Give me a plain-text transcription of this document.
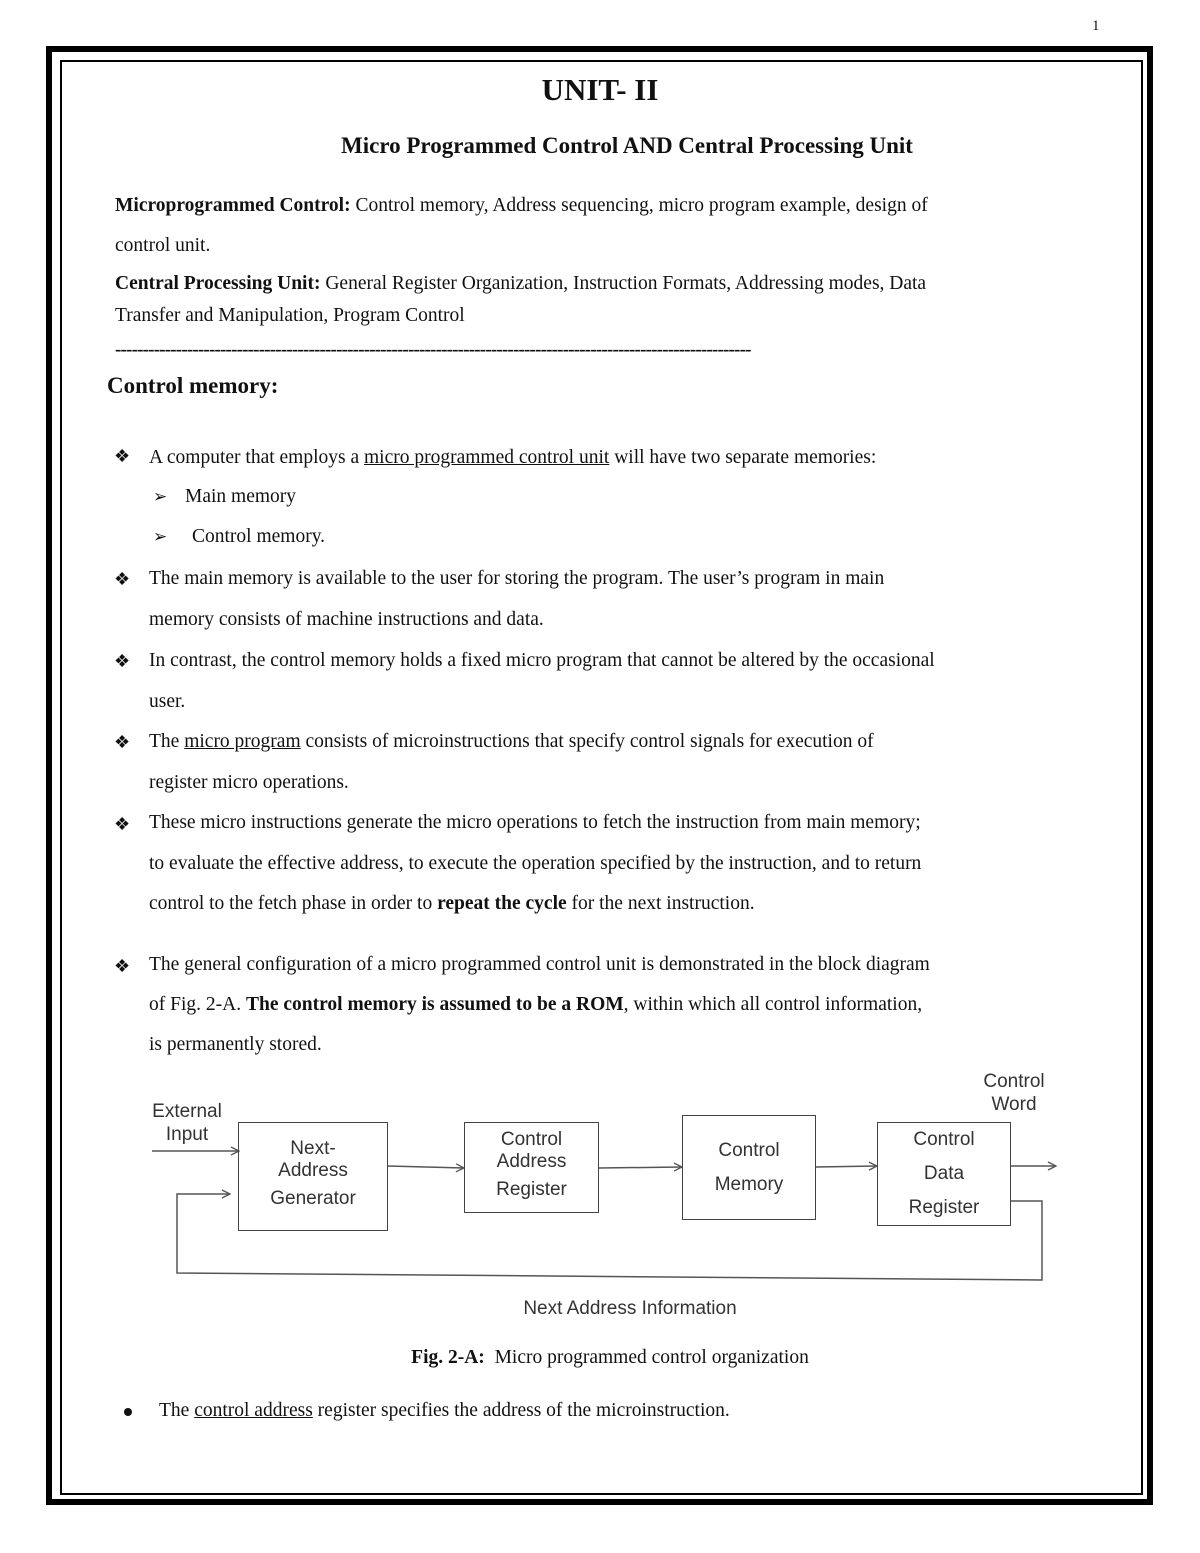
1
UNIT- II
Micro Programmed Control AND Central Processing Unit
Microprogrammed Control: Control memory, Address sequencing, micro program example, design of
control unit.
Central Processing Unit: General Register Organization, Instruction Formats, Addressing modes, Data
Transfer and Manipulation, Program Control
-------------------------------------------------------------------------------------------------------------------
Control memory:
❖ A computer that employs a micro programmed control unit will have two separate memories:
➢ Main memory
➢ Control memory.
❖ The main memory is available to the user for storing the program. The user’s program in main
memory consists of machine instructions and data.
❖ In contrast, the control memory holds a fixed micro program that cannot be altered by the occasional
user.
❖ The micro program consists of microinstructions that specify control signals for execution of
register micro operations.
❖ These micro instructions generate the micro operations to fetch the instruction from main memory;
to evaluate the effective address, to execute the operation specified by the instruction, and to return
control to the fetch phase in order to repeat the cycle for the next instruction.
❖ The general configuration of a micro programmed control unit is demonstrated in the block diagram
of Fig. 2-A. The control memory is assumed to be a ROM, within which all control information,
is permanently stored.
External
Input
Control
Word
Next-
Address
Generator
Control
Address
Register
Control
Memory
Control
Data
Register
Next Address Information
Fig. 2-A:  Micro programmed control organization
The control address register specifies the address of the microinstruction.
